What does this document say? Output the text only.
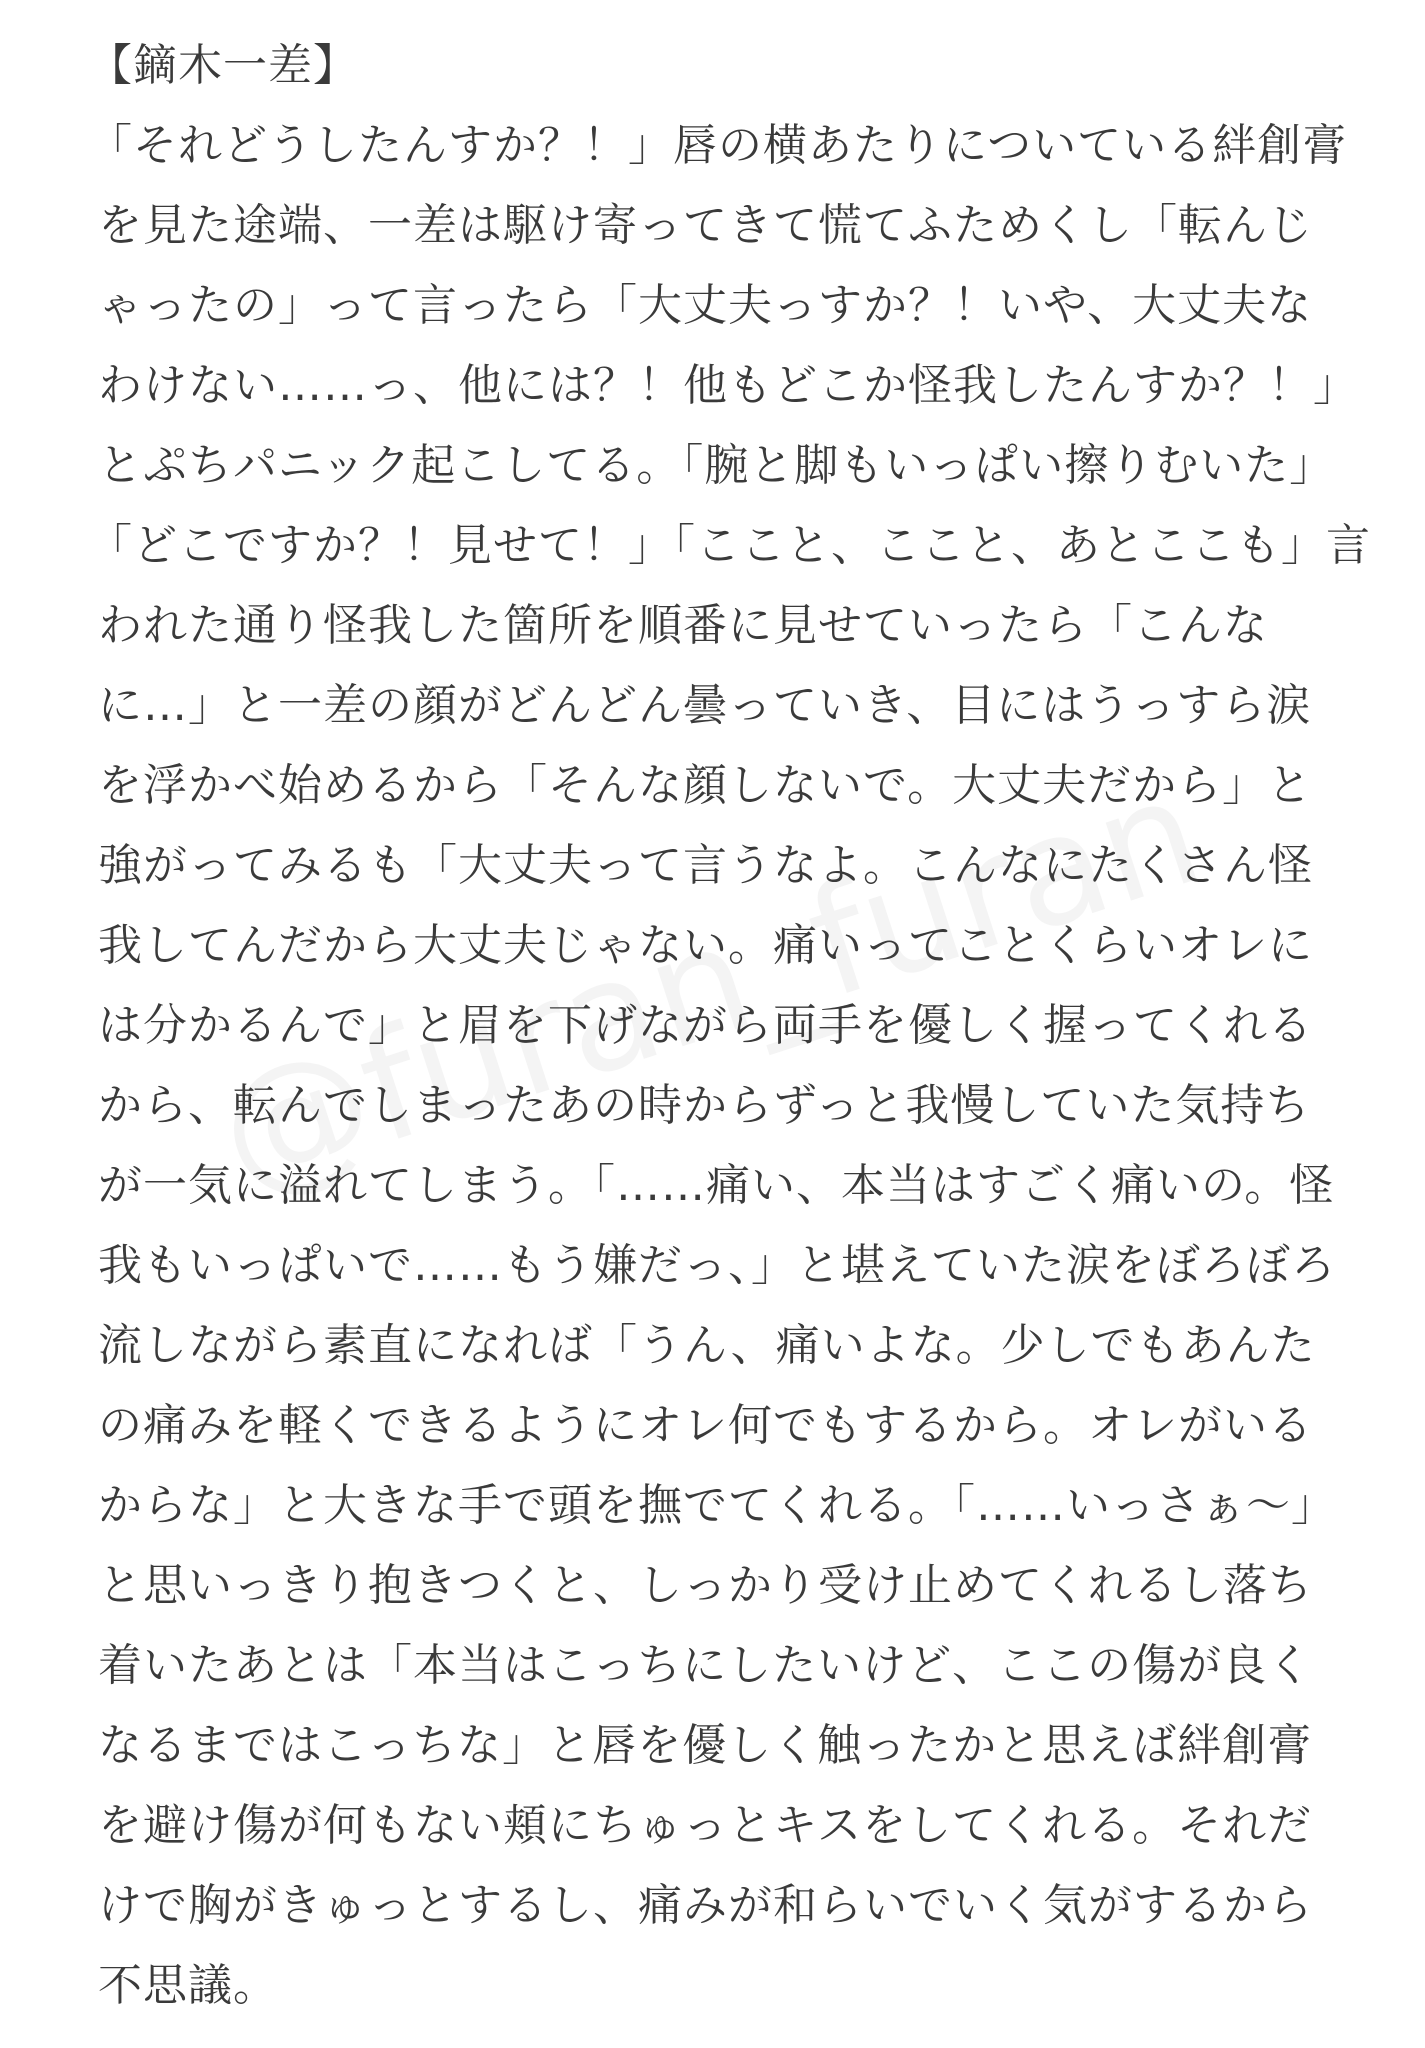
【鏑木一差】
「それどうしたんすか？！」唇の横あたりについている絆創膏
を見た途端、一差は駆け寄ってきて慌てふためくし「転んじ
ゃったの」って言ったら「大丈夫っすか？！いや、大丈夫な
わけない……っ、他には？！他もどこか怪我したんすか？！」
とぷちパニック起こしてる。「腕と脚もいっぱい擦りむいた」
「どこですか？！見せて！」「ここと、ここと、あとここも」言
われた通り怪我した箇所を順番に見せていったら「こんな
に…」と一差の顔がどんどん曇っていき、目にはうっすら涙
を浮かべ始めるから「そんな顔しないで。大丈夫だから」と
強がってみるも「大丈夫って言うなよ。こんなにたくさん怪
我してんだから大丈夫じゃない。痛いってことくらいオレに
は分かるんで」と眉を下げながら両手を優しく握ってくれる
から、転んでしまったあの時からずっと我慢していた気持ち
が一気に溢れてしまう。「……痛い、本当はすごく痛いの。怪
我もいっぱいで……もう嫌だっ、」と堪えていた涙をぼろぼろ
流しながら素直になれば「うん、痛いよな。少しでもあんた
の痛みを軽くできるようにオレ何でもするから。オレがいる
からな」と大きな手で頭を撫でてくれる。「……いっさぁ〜」
と思いっきり抱きつくと、しっかり受け止めてくれるし落ち
着いたあとは「本当はこっちにしたいけど、ここの傷が良く
なるまではこっちな」と唇を優しく触ったかと思えば絆創膏
を避け傷が何もない頬にちゅっとキスをしてくれる。それだ
けで胸がきゅっとするし、痛みが和らいでいく気がするから
不思議。
